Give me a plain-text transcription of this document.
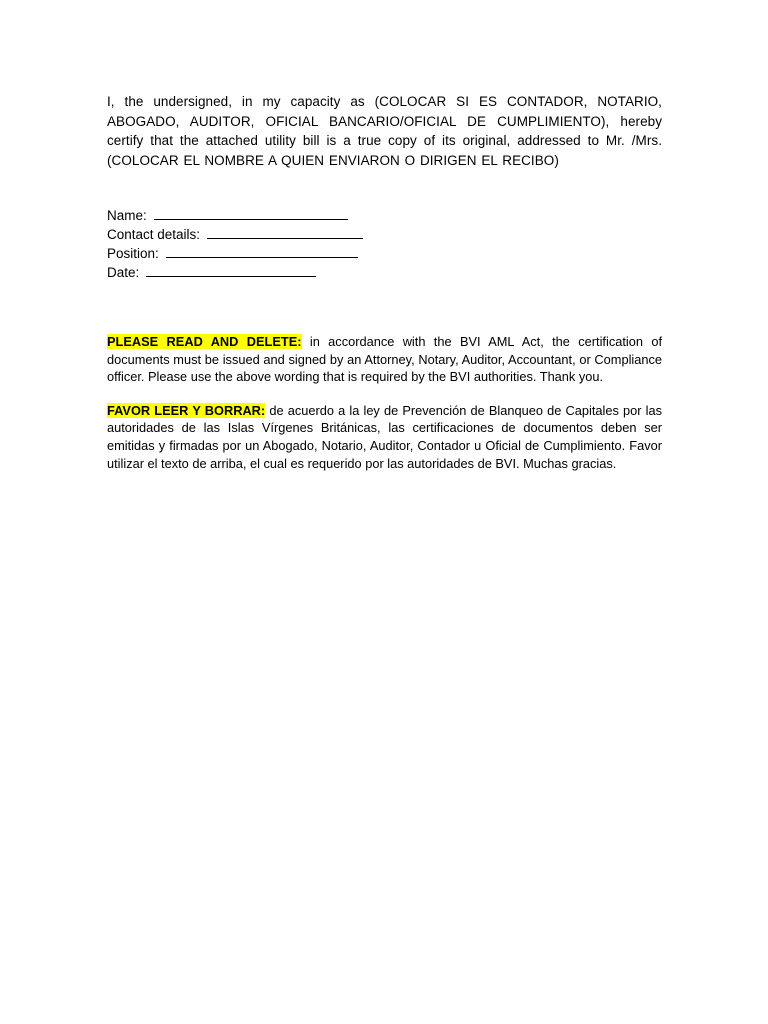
I, the undersigned, in my capacity as (COLOCAR SI ES CONTADOR, NOTARIO, ABOGADO, AUDITOR, OFICIAL BANCARIO/OFICIAL DE CUMPLIMIENTO), hereby certify that the attached utility bill is a true copy of its original, addressed to Mr. /Mrs. (COLOCAR EL NOMBRE A QUIEN ENVIARON O DIRIGEN EL RECIBO)

Name:
Contact details:
Position:
Date:

PLEASE READ AND DELETE: in accordance with the BVI AML Act, the certification of documents must be issued and signed by an Attorney, Notary, Auditor, Accountant, or Compliance officer. Please use the above wording that is required by the BVI authorities. Thank you.

FAVOR LEER Y BORRAR: de acuerdo a la ley de Prevención de Blanqueo de Capitales por las autoridades de las Islas Vírgenes Británicas, las certificaciones de documentos deben ser emitidas y firmadas por un Abogado, Notario, Auditor, Contador u Oficial de Cumplimiento. Favor utilizar el texto de arriba, el cual es requerido por las autoridades de BVI. Muchas gracias.
